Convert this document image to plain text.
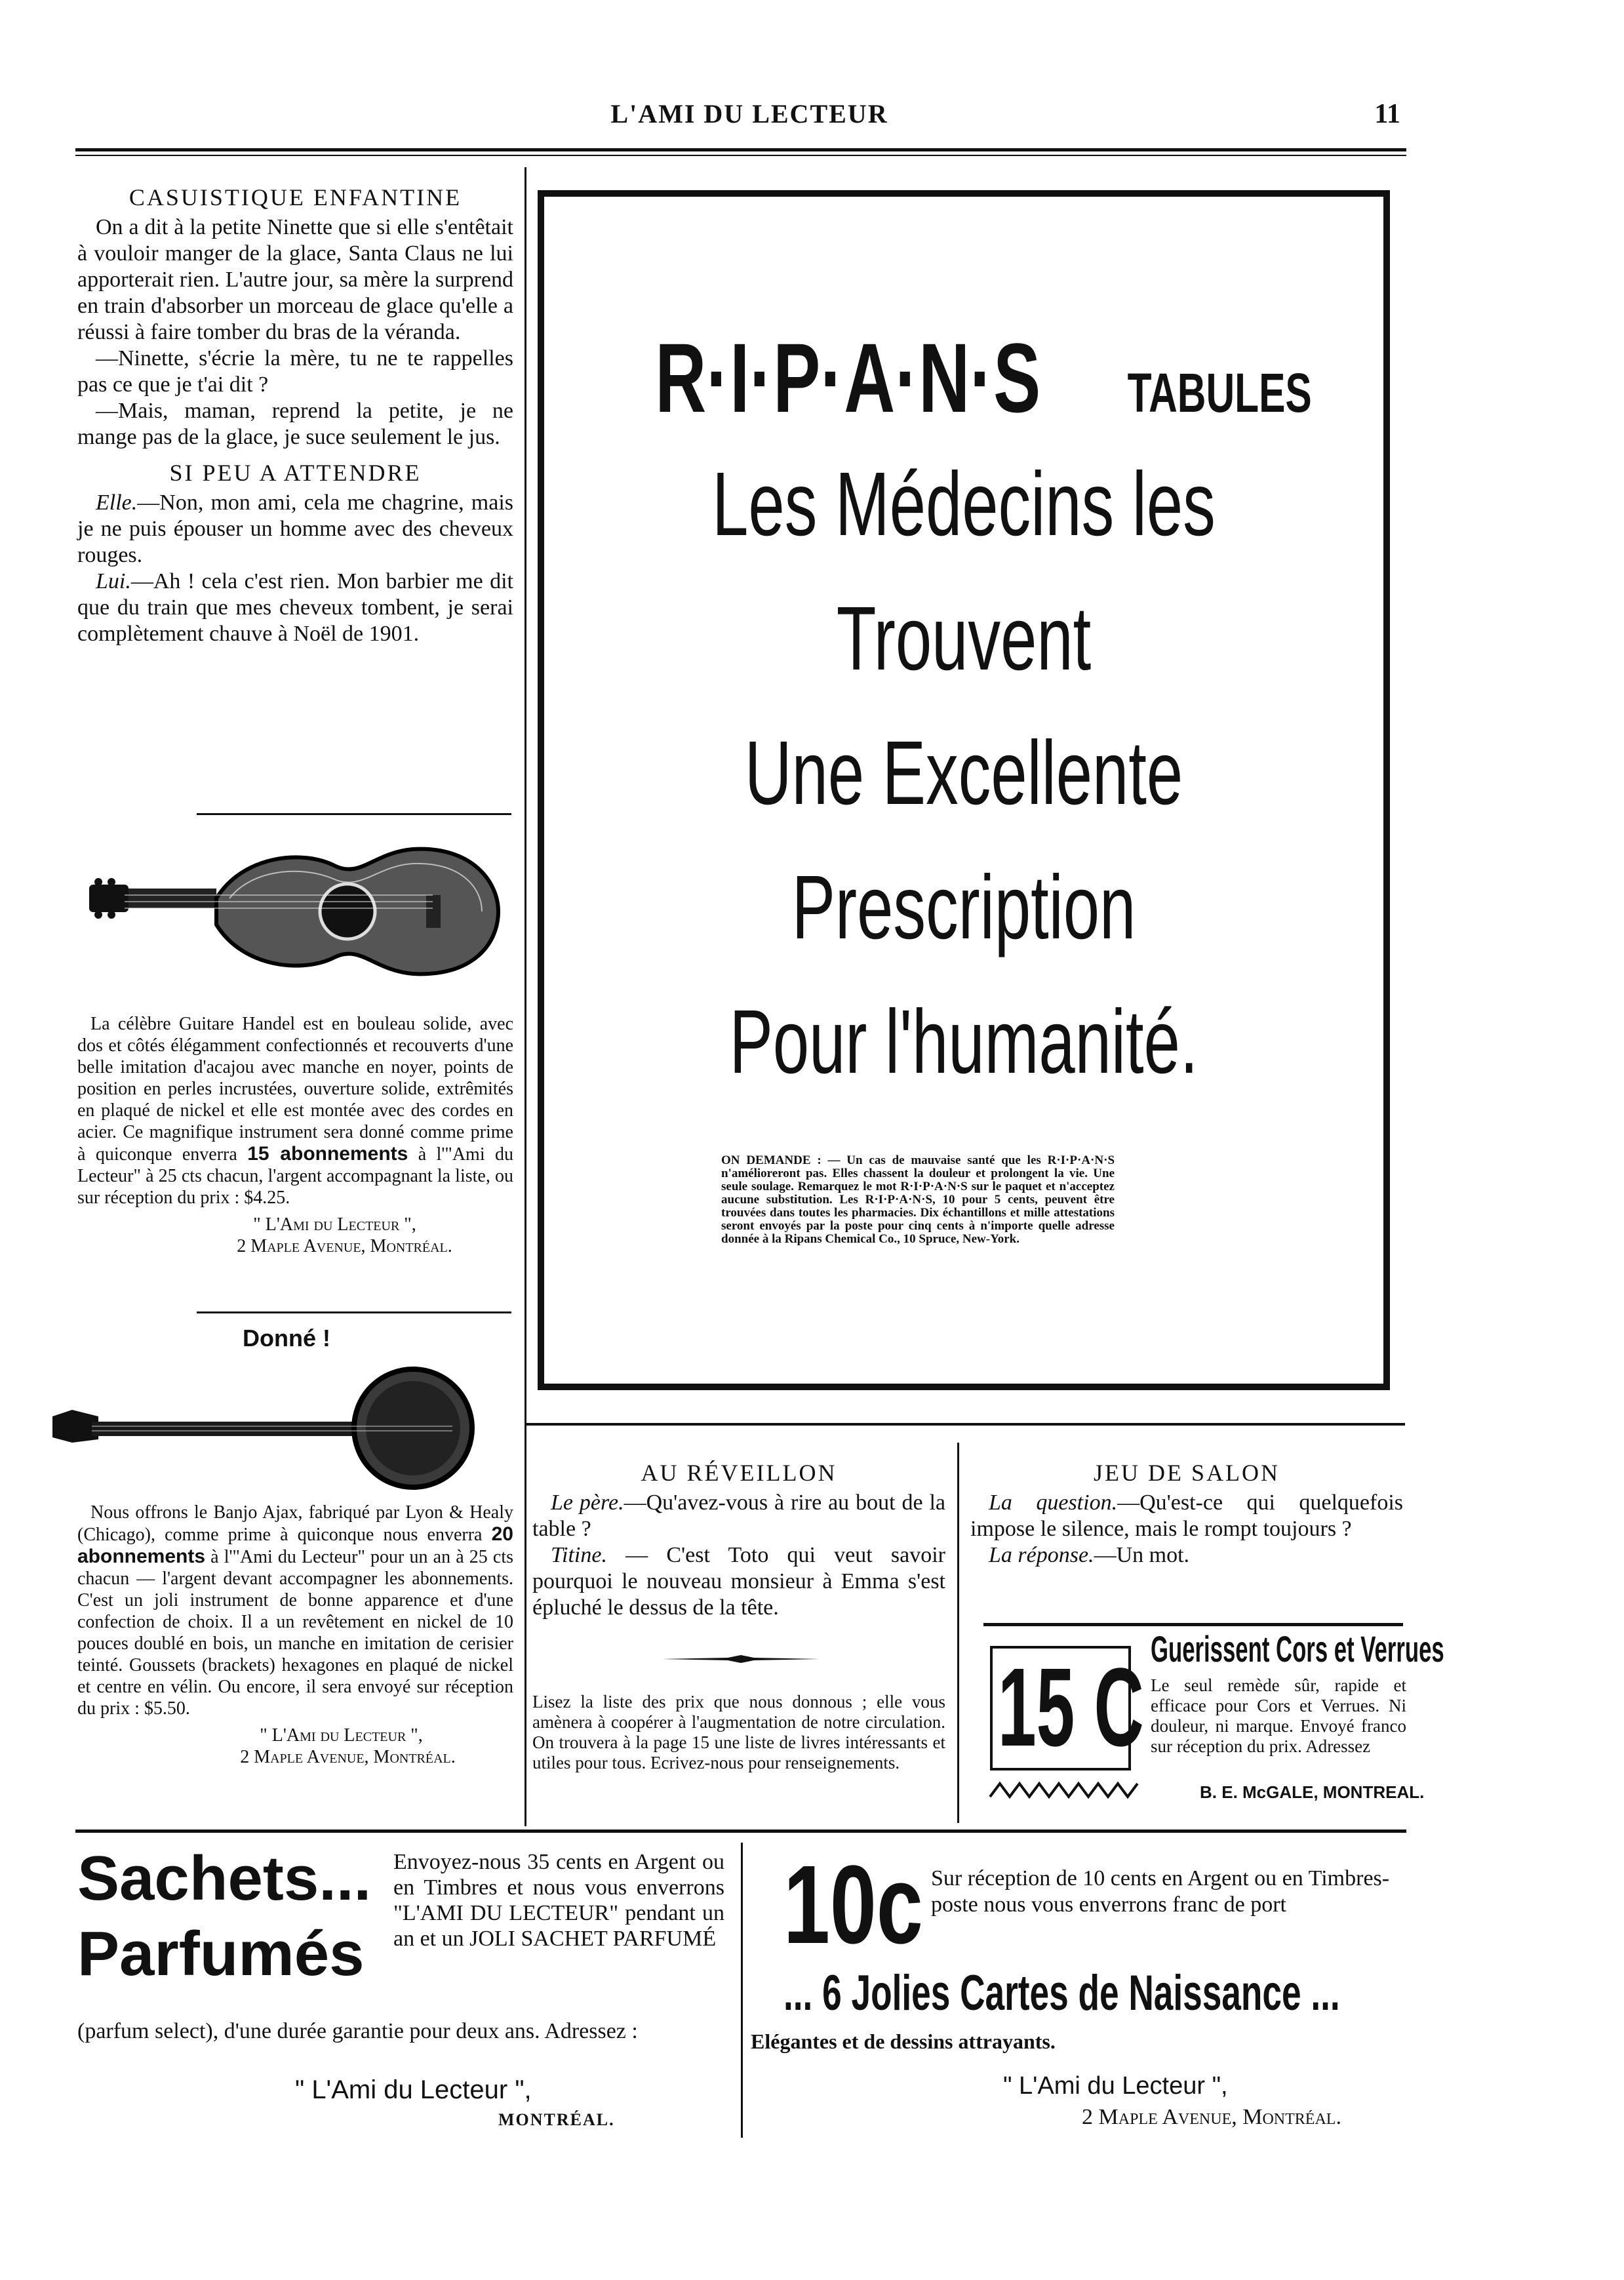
L'AMI DU LECTEUR	11
CASUISTIQUE ENFANTINE

On a dit à la petite Ninette que si elle s'entêtait à vouloir manger de la glace, Santa Claus ne lui apporterait rien. L'autre jour, sa mère la surprend en train d'absorber un morceau de glace qu'elle a réussi à faire tomber du bras de la véranda.

—Ninette, s'écrie la mère, tu ne te rappelles pas ce que je t'ai dit ?

—Mais, maman, reprend la petite, je ne mange pas de la glace, je suce seulement le jus.

SI PEU A ATTENDRE

Elle.—Non, mon ami, cela me chagrine, mais je ne puis épouser un homme avec des cheveux rouges.

Lui.—Ah ! cela c'est rien. Mon barbier me dit que du train que mes cheveux tombent, je serai complètement chauve à Noël de 1901.

La célèbre Guitare Handel est en bouleau solide, avec dos et côtés élégamment confectionnés et recouverts d'une belle imitation d'acajou avec manche en noyer, points de position en perles incrustées, ouverture solide, extrêmités en plaqué de nickel et elle est montée avec des cordes en acier. Ce magnifique instrument sera donné comme prime à quiconque enverra 15 abonnements à l'"Ami du Lecteur" à 25 cts chacun, l'argent accompagnant la liste, ou sur réception du prix : $4.25.

" L'Ami du Lecteur ",
2 Maple Avenue, Montréal.
Donné !

Nous offrons le Banjo Ajax, fabriqué par Lyon & Healy (Chicago), comme prime à quiconque nous enverra 20 abonnements à l'"Ami du Lecteur" pour un an à 25 cts chacun — l'argent devant accompagner les abonnements. C'est un joli instrument de bonne apparence et d'une confection de choix. Il a un revêtement en nickel de 10 pouces doublé en bois, un manche en imitation de cerisier teinté. Goussets (brackets) hexagones en plaqué de nickel et centre en vélin. Ou encore, il sera envoyé sur réception du prix : $5.50.

" L'Ami du Lecteur ",
2 Maple Avenue, Montréal.
R·I·P·A·N·S TABULES
Les Médecins les
Trouvent
Une Excellente
Prescription
Pour l'humanité.
ON DEMANDE : — Un cas de mauvaise santé que les R·I·P·A·N·S n'amélioreront pas. Elles chassent la douleur et prolongent la vie. Une seule soulage. Remarquez le mot R·I·P·A·N·S sur le paquet et n'acceptez aucune substitution. Les R·I·P·A·N·S, 10 pour 5 cents, peuvent être trouvées dans toutes les pharmacies. Dix échantillons et mille attestations seront envoyés par la poste pour cinq cents à n'importe quelle adresse donnée à la Ripans Chemical Co., 10 Spruce, New-York.
AU RÉVEILLON

Le père.—Qu'avez-vous à rire au bout de la table ?

Titine. — C'est Toto qui veut savoir pourquoi le nouveau monsieur à Emma s'est épluché le dessus de la tête.

Lisez la liste des prix que nous donnous ; elle vous amènera à coopérer à l'augmentation de notre circulation. On trouvera à la page 15 une liste de livres intéressants et utiles pour tous. Ecrivez-nous pour renseignements.
JEU DE SALON

La question.—Qu'est-ce qui quelquefois impose le silence, mais le rompt toujours ?

La réponse.—Un mot.

15 C Guerissent Cors et Verrues
Le seul remède sûr, rapide et efficace pour Cors et Verrues. Ni douleur, ni marque. Envoyé franco sur réception du prix. Adressez
B. E. McGALE, MONTREAL.
Sachets...
Parfumés
Envoyez-nous 35 cents en Argent ou en Timbres et nous vous enverrons "L'AMI DU LECTEUR" pendant un an et un JOLI SACHET PARFUMÉ
(parfum select), d'une durée garantie pour deux ans. Adressez :
" L'Ami du Lecteur ",
MONTRÉAL.
10c Sur réception de 10 cents en Argent ou en Timbres-poste nous vous enverrons franc de port
... 6 Jolies Cartes de Naissance ...
Elégantes et de dessins attrayants.
" L'Ami du Lecteur ",
2 Maple Avenue, Montréal.
